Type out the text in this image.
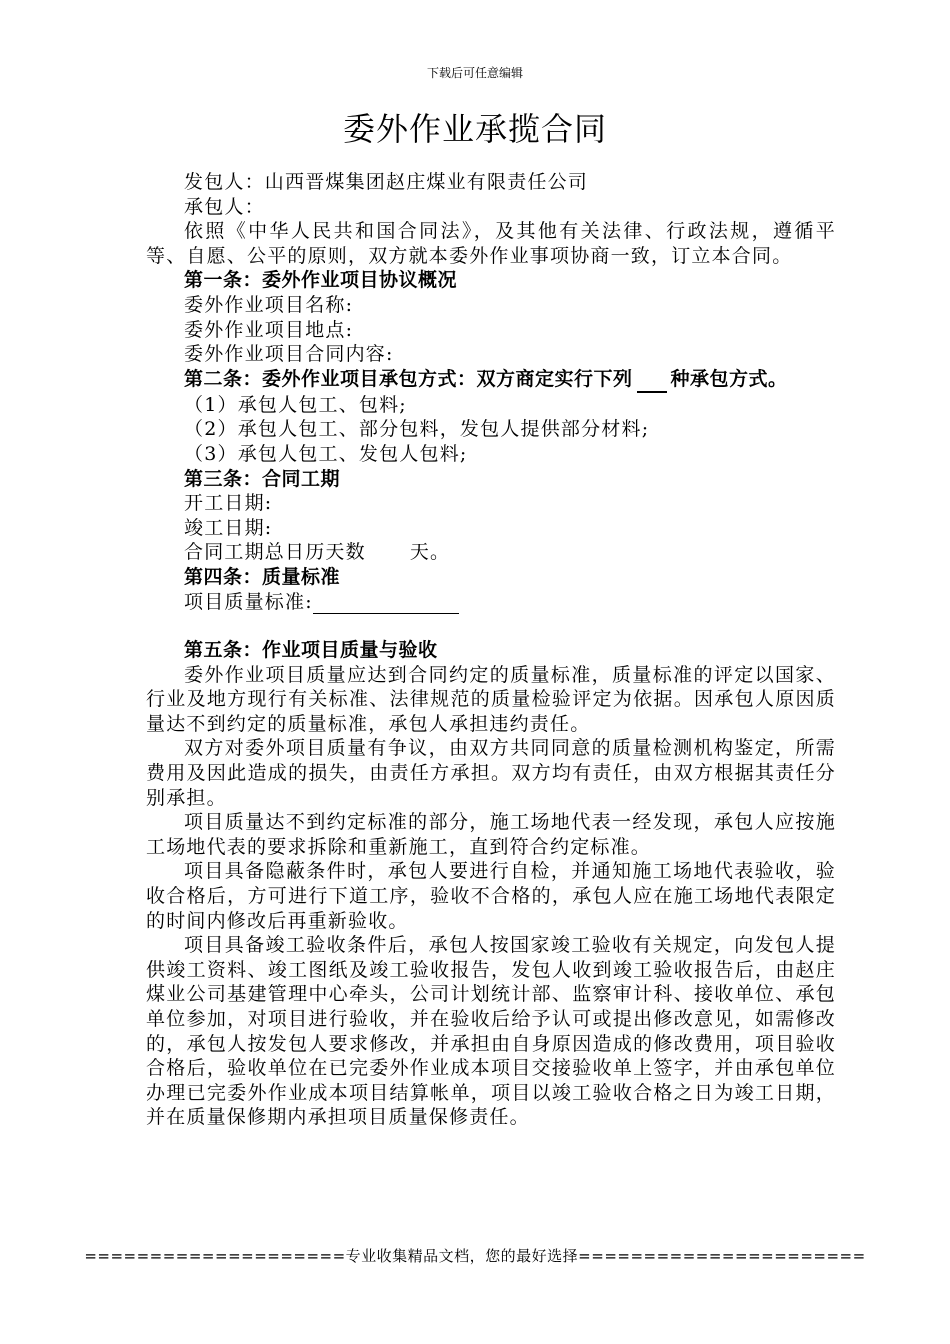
下载后可任意编辑
委外作业承揽合同

发包人：山西晋煤集团赵庄煤业有限责任公司

承包人：

依照《中华人民共和国合同法》，及其他有关法律、行政法规，遵循平等、自愿、公平的原则，双方就本委外作业事项协商一致，订立本合同。

第一条：委外作业项目协议概况

委外作业项目名称:

委外作业项目地点:

委外作业项目合同内容:

第二条：委外作业项目承包方式：双方商定实行下列 种承包方式。

（1）承包人包工、包料;

（2）承包人包工、部分包料，发包人提供部分材料;

（3）承包人包工、发包人包料;

第三条：合同工期

开工日期:

竣工日期:

合同工期总日历天数 天。

第四条：质量标准

项目质量标准:

第五条：作业项目质量与验收

委外作业项目质量应达到合同约定的质量标准，质量标准的评定以国家、行业及地方现行有关标准、法律规范的质量检验评定为依据。因承包人原因质量达不到约定的质量标准，承包人承担违约责任。

双方对委外项目质量有争议，由双方共同同意的质量检测机构鉴定，所需费用及因此造成的损失，由责任方承担。双方均有责任，由双方根据其责任分别承担。

项目质量达不到约定标准的部分，施工场地代表一经发现，承包人应按施工场地代表的要求拆除和重新施工，直到符合约定标准。

项目具备隐蔽条件时，承包人要进行自检，并通知施工场地代表验收，验收合格后，方可进行下道工序，验收不合格的，承包人应在施工场地代表限定的时间内修改后再重新验收。

项目具备竣工验收条件后，承包人按国家竣工验收有关规定，向发包人提供竣工资料、竣工图纸及竣工验收报告，发包人收到竣工验收报告后，由赵庄煤业公司基建管理中心牵头，公司计划统计部、监察审计科、接收单位、承包单位参加，对项目进行验收，并在验收后给予认可或提出修改意见，如需修改的，承包人按发包人要求修改，并承担由自身原因造成的修改费用，项目验收合格后，验收单位在已完委外作业成本项目交接验收单上签字，并由承包单位办理已完委外作业成本项目结算帐单，项目以竣工验收合格之日为竣工日期，并在质量保修期内承担项目质量保修责任。

====================专业收集精品文档，您的最好选择======================
